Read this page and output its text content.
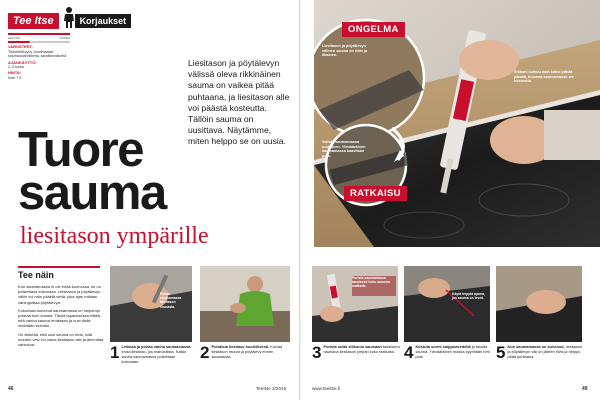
Tee Itse	Korjaukset
HELPPO	VAIKEA
VARUSTEET:
Tiivistettäkyyny, kumimaalari, saumaustarvikkeita, sandkiinnikkeitä
AJANKÄYTTÖ:
2–3 tuntia
HINTA:
Noin 7 €
Liesitason ja pöytälevyn välissä oleva rikkinäinen sauma on vaikea pitää puhtaana, ja liesitason alle voi päästä kosteutta. Tällöin sauma on uusittava. Näytämme, miten helppo se on uusia.
Tuore
sauma
liesitason ympärille
ONGELMA
RATKAISU
Liesitason ja pöytälevyn välinen sauma on rikki ja likainen.
Vaihda saumamassa uudelleen. Ylimääräinen saumamassa kaavitaan pois.
Silikoni kuivuu noin kaksi pitkää päivää, huomaa saumamassa vie kosteutta.
Tee näin

Kun saumamassa ei ole enää kunnossa, se on poistettava kokonaan. Liesitason ja pöytälevyn väliin voi näin päästä vettä, joka ajan mittaan vahingoittaa pöytälevyä.

Kokonaan kuivunut saumamassa on helpompi poistaa kuin kostea. Tässä tapauksessa riittää, että vanha sauma irrotetaan ja uusi tilalle vedetään kerralla.

On tärkeää, että uusi sauma on tiivis, sillä muuten vesi voi valua liesitason alle ja aiheuttaa vahinkoa.

Poista saumamassa liesitason reunasta.
1 Leikkaa ja poista vanha saumamassa. Irrota liesitaso, jos mahdollista. Kaikki vanha saumamassa poistetaan kokonaan.	2 Puhdista liesitaso huolellisesti. Kuivaa liesitason reunat ja pöytälevy ennen saumausta.
Purista saumamassa tasaisesti koko sauman matkalle.
3 Purista uutta silikonia saumaan tasaisena nauhana liesitason ympäri koko matkalta.
Käytä teippiä apuna, jos sauma on leveä.
4 Kostuta sormi saippuavedellä ja tasoita sauma. Ylimääräinen massa pyyhitään heti pois.	5 Kun saumamassa on kuivunut, liesitason ja pöytälevyn väli on jälleen tiivis ja helppo pitää puhtaana.
46	TeeItse 2/2015	www.teeitse.fi	49
